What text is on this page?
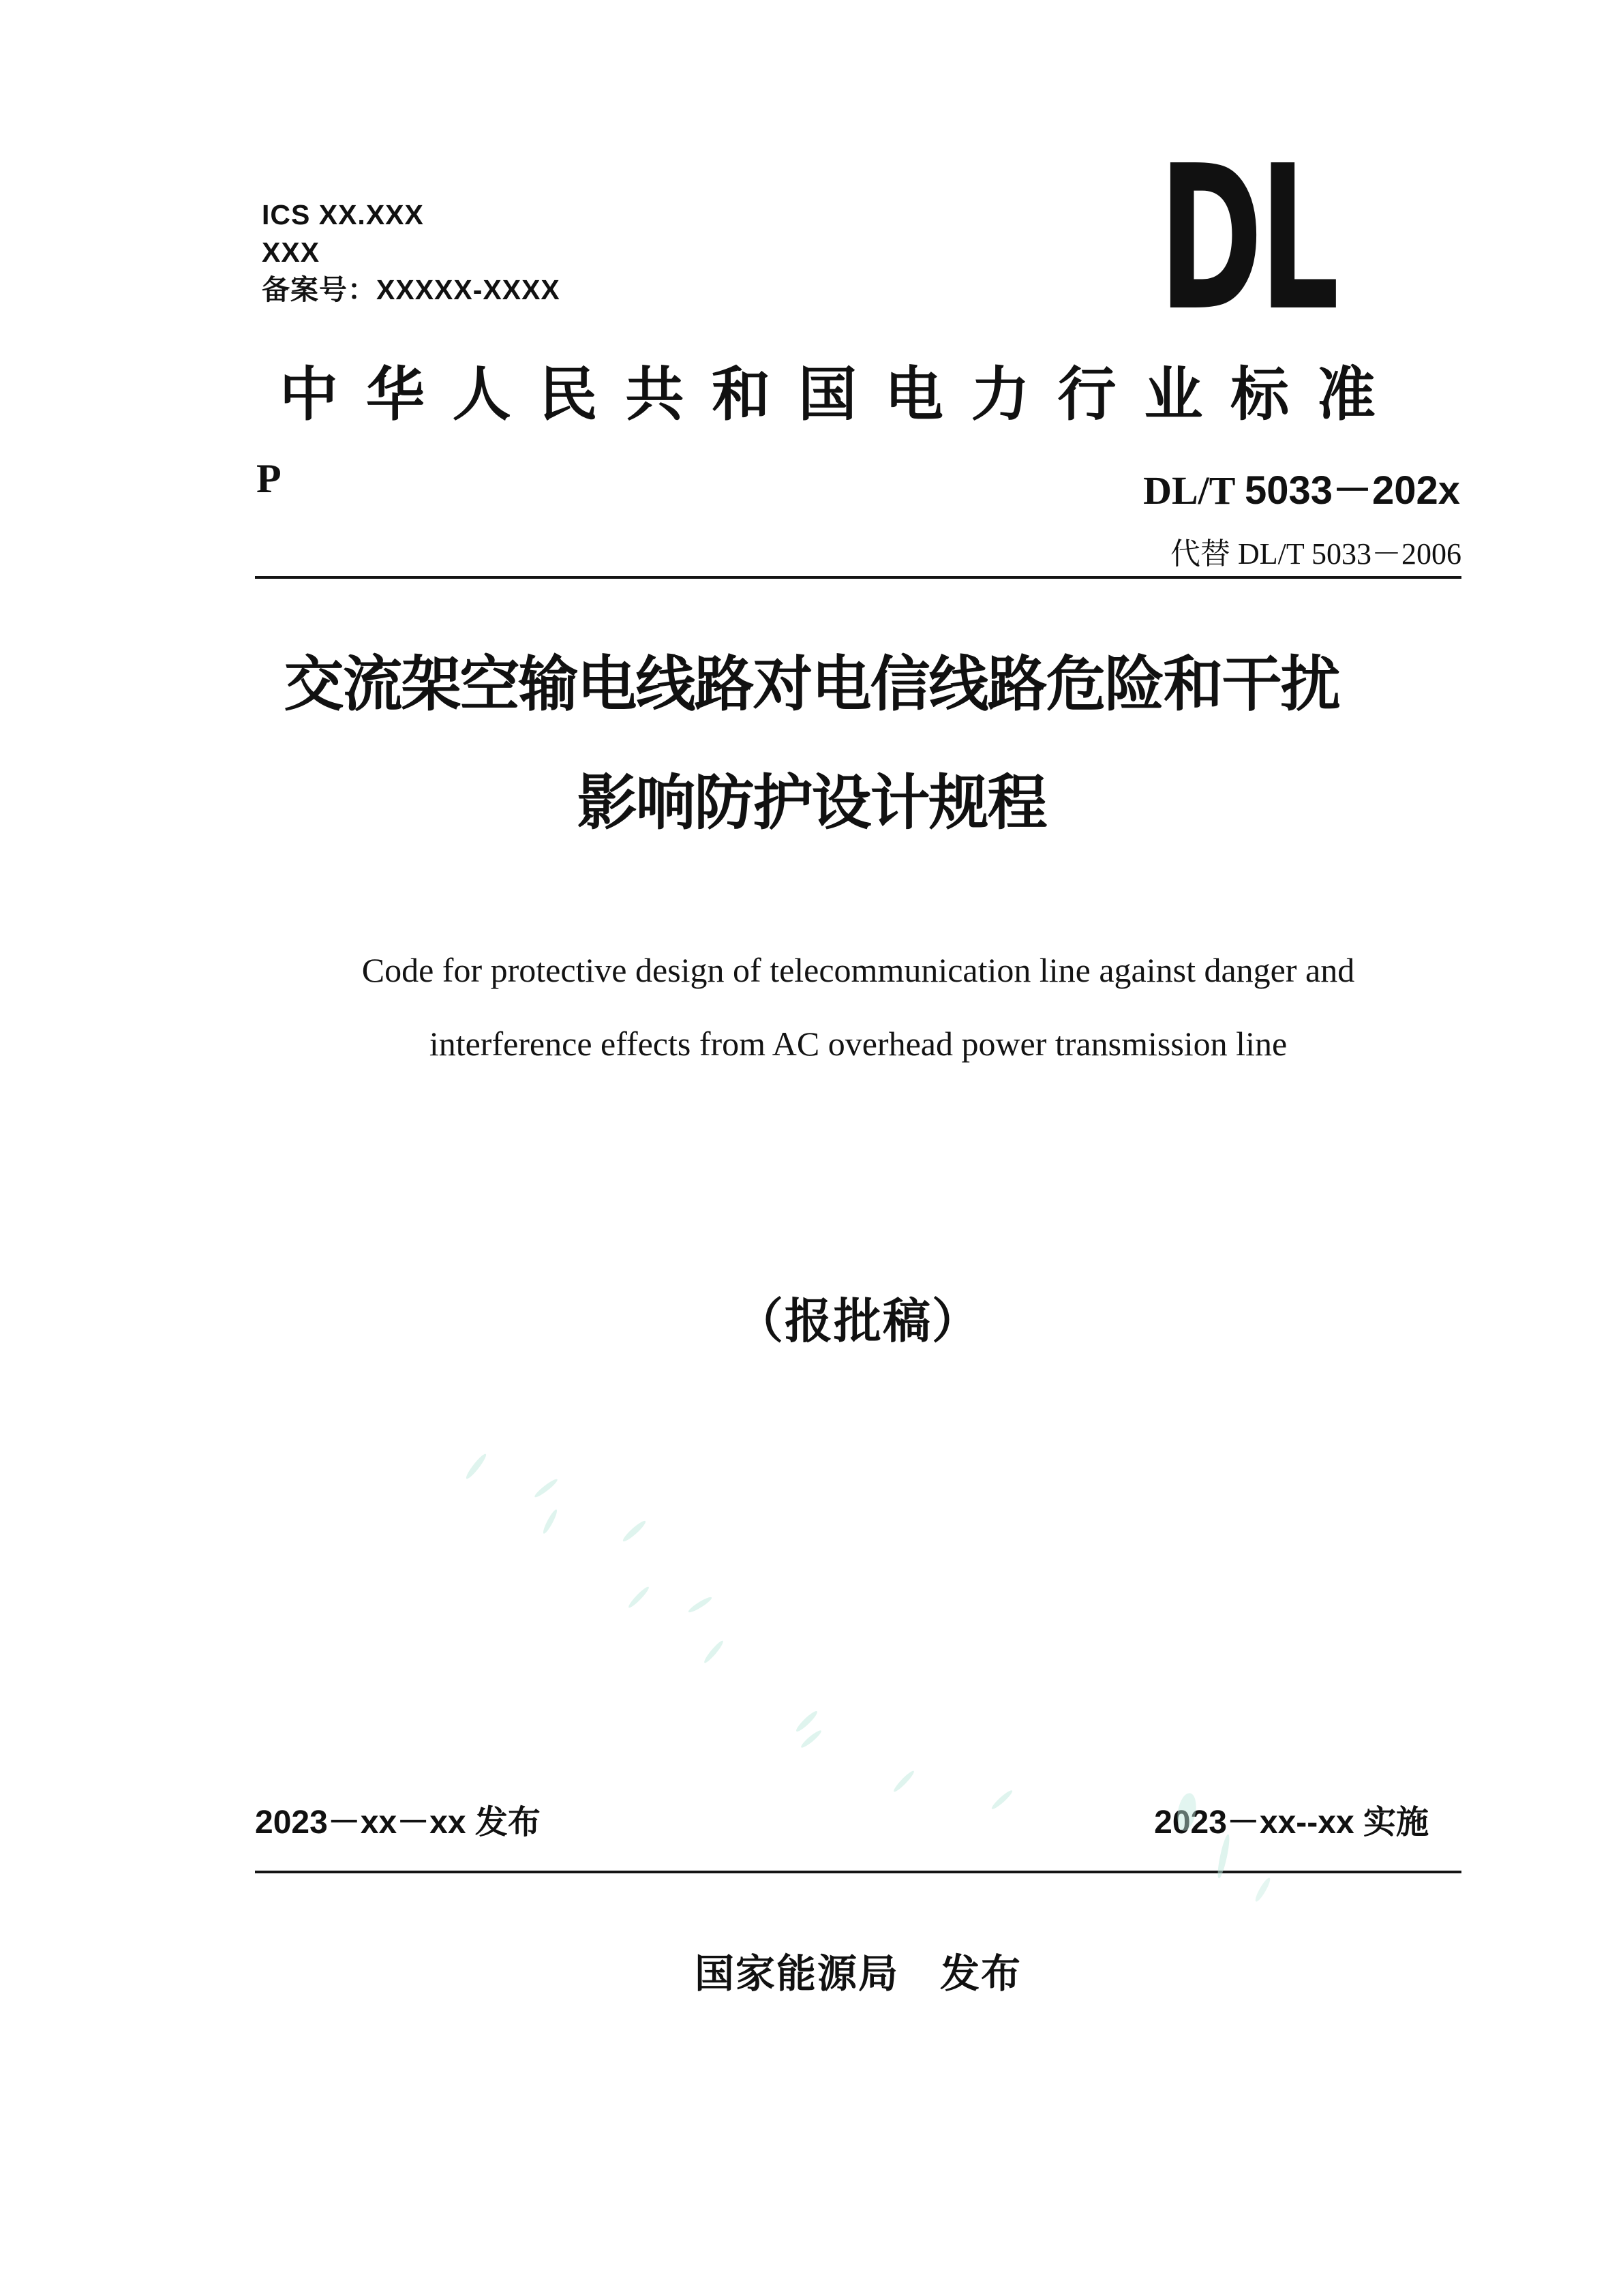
ICS XX.XXX
XXX
备案号：XXXXX-XXXX
中华人民共和国电力行业标准
P	DL/T 5033－202x
代替 DL/T 5033－2006
Code for protective design of telecommunication line against danger and
interference effects from AC overhead power transmission line
（报批稿）
2023－xx－xx 发布	2023－xx--xx 实施
国家能源局　发布
DL
交流架空输电线路对电信线路危险和干扰
影响防护设计规程
